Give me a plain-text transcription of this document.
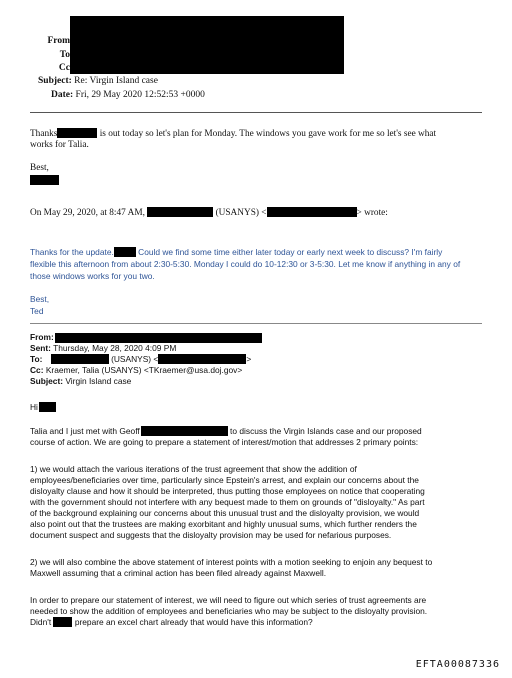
From
To
Cc
Subject: Re: Virgin Island case
Date: Fri, 29 May 2020 12:52:53 +0000
Thanks	is out today so let's plan for Monday. The windows you gave work for me so let's see what
works for Talia.
Best,
On May 29, 2020, at 8:47 AM,	(USANYS) <	> wrote:
Thanks for the update.	Could we find some time either later today or early next week to discuss? I'm fairly
flexible this afternoon from about 2:30-5:30. Monday I could do 10-12:30 or 3-5:30. Let me know if anything in any of
those windows works for you two.
Best,
Ted
From:
Sent: Thursday, May 28, 2020 4:09 PM
To:	(USANYS) <	>
Cc: Kraemer, Talia (USANYS) <TKraemer@usa.doj.gov>
Subject: Virgin Island case
Hi
Talia and I just met with Geoff	to discuss the Virgin Islands case and our proposed
course of action. We are going to prepare a statement of interest/motion that addresses 2 primary points:
1) we would attach the various iterations of the trust agreement that show the addition of
employees/beneficiaries over time, particularly since Epstein's arrest, and explain our concerns about the
disloyalty clause and how it should be interpreted, thus putting those employees on notice that cooperating
with the government should not interfere with any bequest made to them on grounds of "disloyalty." As part
of the background explaining our concerns about this unusual trust and the disloyalty provision, we would
also point out that the trustees are making exorbitant and highly unusual sums, which further renders the
document suspect and suggests that the disloyalty provision may be used for nefarious purposes.
2) we will also combine the above statement of interest points with a motion seeking to enjoin any bequest to
Maxwell assuming that a criminal action has been filed already against Maxwell.
In order to prepare our statement of interest, we will need to figure out which series of trust agreements are
needed to show the addition of employees and beneficiaries who may be subject to the disloyalty provision.
Didn't	prepare an excel chart already that would have this information?
EFTA00087336
